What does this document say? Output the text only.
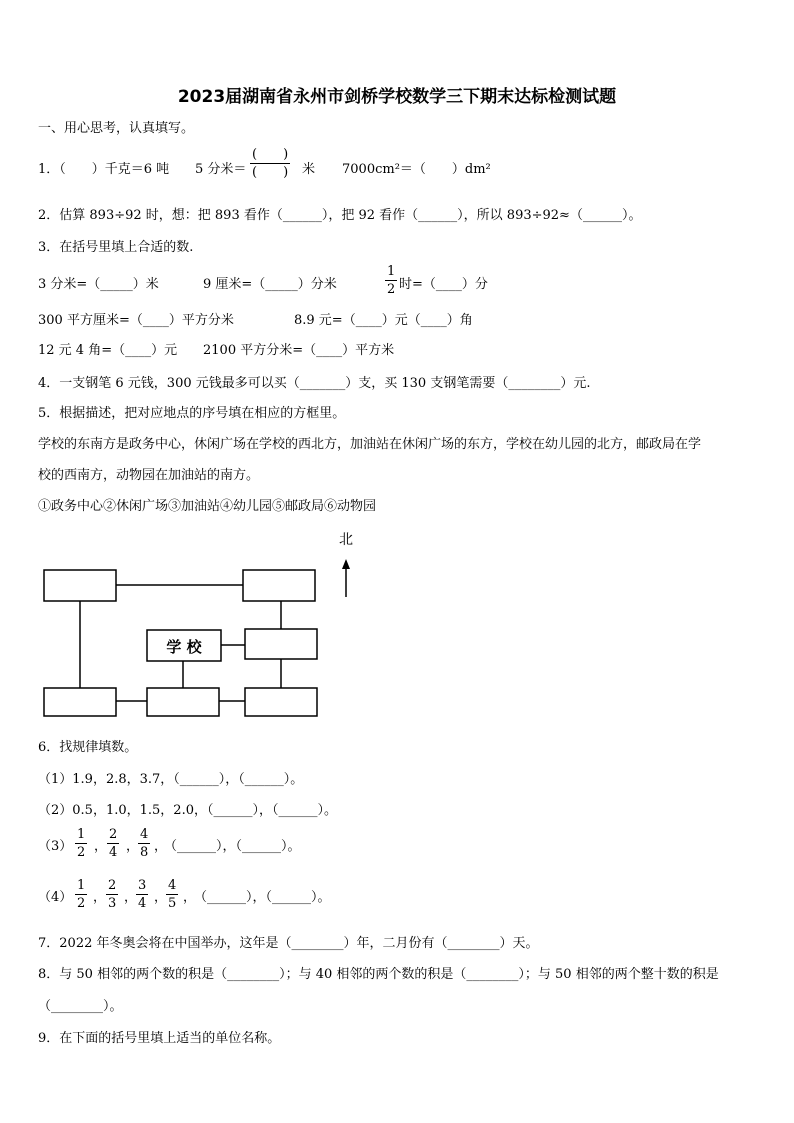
2023届湖南省永州市剑桥学校数学三下期末达标检测试题
一、用心思考，认真填写。
1．（　　）千克＝6 吨 5 分米＝
(　　)
(　　) 米 7000cm²＝（　　）dm²
2．估算 893÷92 时，想：把 893 看作（______），把 92 看作（______），所以 893÷92≈（______）。
3．在括号里填上合适的数.
3 分米=（_____）米	9 厘米=（_____）分米
1
2 时=（____）分
300 平方厘米=（____）平方分米	8.9 元=（____）元（____）角
12 元 4 角=（____）元 2100 平方分米=（____）平方米
4．一支钢笔 6 元钱，300 元钱最多可以买（_______）支，买 130 支钢笔需要（________）元.
5．根据描述，把对应地点的序号填在相应的方框里。
学校的东南方是政务中心，休闲广场在学校的西北方，加油站在休闲广场的东方，学校在幼儿园的北方，邮政局在学
校的西南方，动物园在加油站的南方。
①政务中心②休闲广场③加油站④幼儿园⑤邮政局⑥动物园
北
学 校
6．找规律填数。
（1）1.9，2.8，3.7，（______），（______）。
（2）0.5，1.0，1.5，2.0，（______），（______）。
（3）
1
2 ，
2
4 ，
4
8 ，
（______），（______）。
（4）
1
2 ，
2
3 ，
3
4 ，
4
5 ，
（______），（______）。
7．2022 年冬奥会将在中国举办，这年是（________）年，二月份有（________）天。
8．与 50 相邻的两个数的积是（________）；与 40 相邻的两个数的积是（________）；与 50 相邻的两个整十数的积是
（________）。
9．在下面的括号里填上适当的单位名称。
